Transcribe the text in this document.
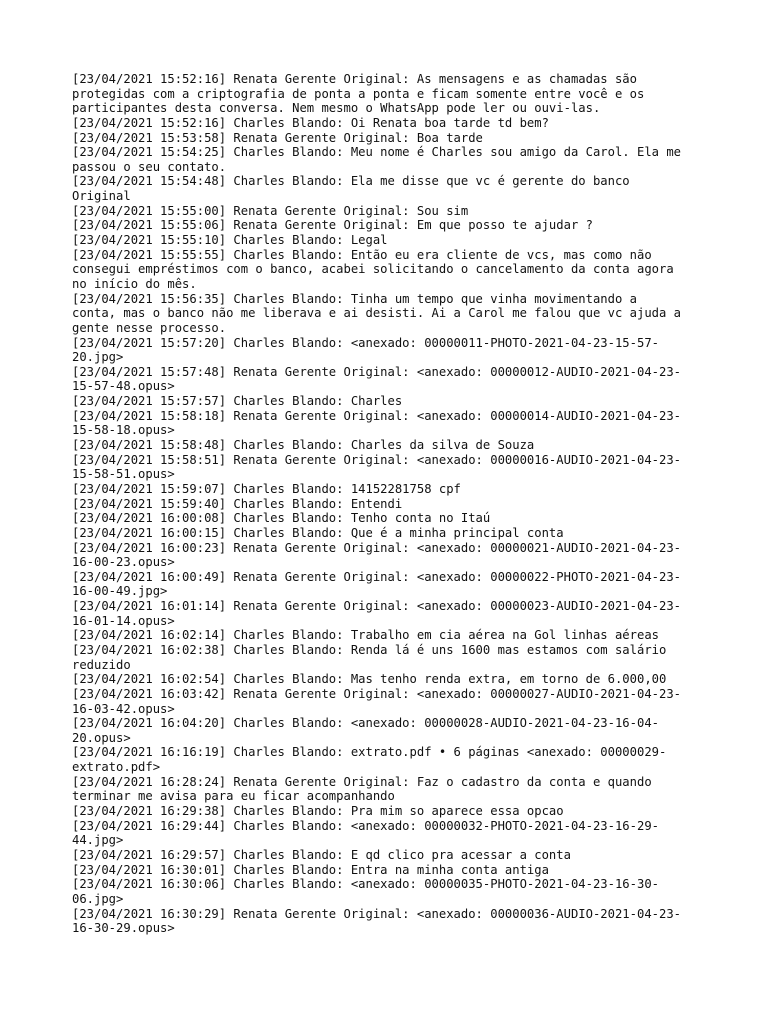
[23/04/2021 15:52:16] Renata Gerente Original: As mensagens e as chamadas são
protegidas com a criptografia de ponta a ponta e ficam somente entre você e os
participantes desta conversa. Nem mesmo o WhatsApp pode ler ou ouvi-las.
[23/04/2021 15:52:16] Charles Blando: Oi Renata boa tarde td bem?
[23/04/2021 15:53:58] Renata Gerente Original: Boa tarde
[23/04/2021 15:54:25] Charles Blando: Meu nome é Charles sou amigo da Carol. Ela me
passou o seu contato.
[23/04/2021 15:54:48] Charles Blando: Ela me disse que vc é gerente do banco
Original
[23/04/2021 15:55:00] Renata Gerente Original: Sou sim
[23/04/2021 15:55:06] Renata Gerente Original: Em que posso te ajudar ?
[23/04/2021 15:55:10] Charles Blando: Legal
[23/04/2021 15:55:55] Charles Blando: Então eu era cliente de vcs, mas como não
consegui empréstimos com o banco, acabei solicitando o cancelamento da conta agora
no início do mês.
[23/04/2021 15:56:35] Charles Blando: Tinha um tempo que vinha movimentando a
conta, mas o banco não me liberava e ai desisti. Ai a Carol me falou que vc ajuda a
gente nesse processo.
[23/04/2021 15:57:20] Charles Blando: <anexado: 00000011-PHOTO-2021-04-23-15-57-
20.jpg>
[23/04/2021 15:57:48] Renata Gerente Original: <anexado: 00000012-AUDIO-2021-04-23-
15-57-48.opus>
[23/04/2021 15:57:57] Charles Blando: Charles
[23/04/2021 15:58:18] Renata Gerente Original: <anexado: 00000014-AUDIO-2021-04-23-
15-58-18.opus>
[23/04/2021 15:58:48] Charles Blando: Charles da silva de Souza
[23/04/2021 15:58:51] Renata Gerente Original: <anexado: 00000016-AUDIO-2021-04-23-
15-58-51.opus>
[23/04/2021 15:59:07] Charles Blando: 14152281758 cpf
[23/04/2021 15:59:40] Charles Blando: Entendi
[23/04/2021 16:00:08] Charles Blando: Tenho conta no Itaú
[23/04/2021 16:00:15] Charles Blando: Que é a minha principal conta
[23/04/2021 16:00:23] Renata Gerente Original: <anexado: 00000021-AUDIO-2021-04-23-
16-00-23.opus>
[23/04/2021 16:00:49] Renata Gerente Original: <anexado: 00000022-PHOTO-2021-04-23-
16-00-49.jpg>
[23/04/2021 16:01:14] Renata Gerente Original: <anexado: 00000023-AUDIO-2021-04-23-
16-01-14.opus>
[23/04/2021 16:02:14] Charles Blando: Trabalho em cia aérea na Gol linhas aéreas
[23/04/2021 16:02:38] Charles Blando: Renda lá é uns 1600 mas estamos com salário
reduzido
[23/04/2021 16:02:54] Charles Blando: Mas tenho renda extra, em torno de 6.000,00
[23/04/2021 16:03:42] Renata Gerente Original: <anexado: 00000027-AUDIO-2021-04-23-
16-03-42.opus>
[23/04/2021 16:04:20] Charles Blando: <anexado: 00000028-AUDIO-2021-04-23-16-04-
20.opus>
[23/04/2021 16:16:19] Charles Blando: extrato.pdf • 6 páginas <anexado: 00000029-
extrato.pdf>
[23/04/2021 16:28:24] Renata Gerente Original: Faz o cadastro da conta e quando
terminar me avisa para eu ficar acompanhando
[23/04/2021 16:29:38] Charles Blando: Pra mim so aparece essa opcao
[23/04/2021 16:29:44] Charles Blando: <anexado: 00000032-PHOTO-2021-04-23-16-29-
44.jpg>
[23/04/2021 16:29:57] Charles Blando: E qd clico pra acessar a conta
[23/04/2021 16:30:01] Charles Blando: Entra na minha conta antiga
[23/04/2021 16:30:06] Charles Blando: <anexado: 00000035-PHOTO-2021-04-23-16-30-
06.jpg>
[23/04/2021 16:30:29] Renata Gerente Original: <anexado: 00000036-AUDIO-2021-04-23-
16-30-29.opus>
